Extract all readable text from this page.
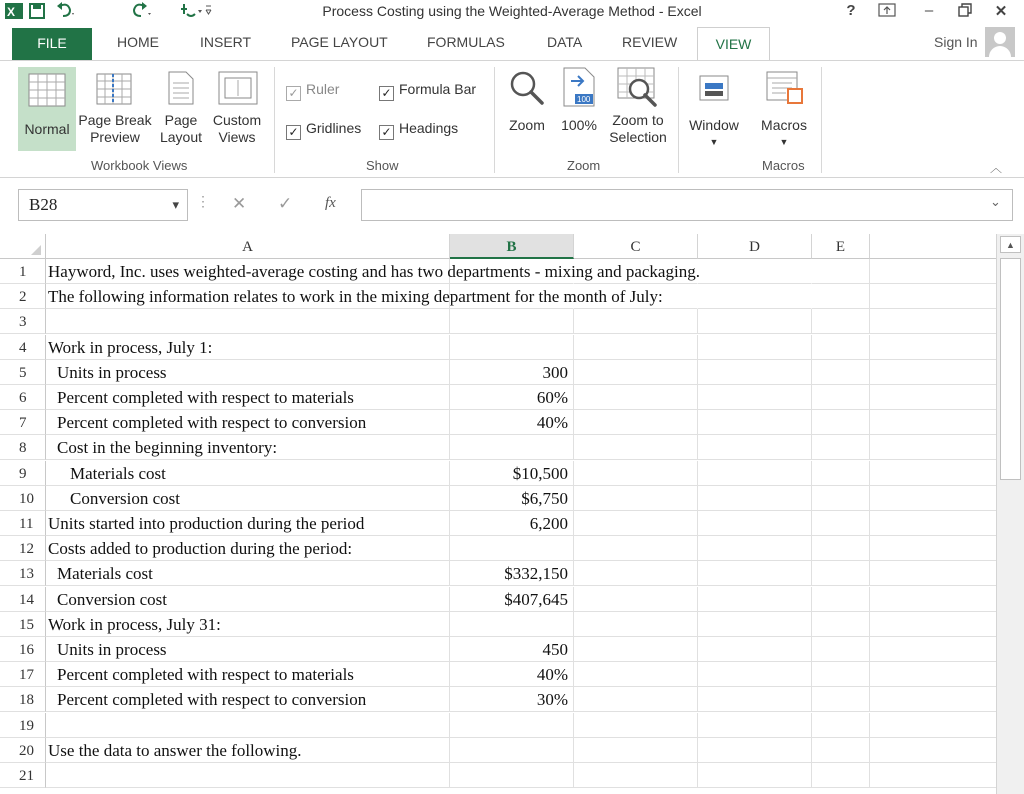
X	Process Costing using the Weighted-Average Method - Excel	?	–	✕
FILE	HOME	INSERT	PAGE LAYOUT	FORMULAS	DATA	REVIEW	VIEW	Sign In
Normal
Page Break
Preview
Page
Layout
Custom
Views
Workbook Views
✓ Ruler	✓ Formula Bar
✓ Gridlines ✓ Headings
Show
Zoom
100
100%	Zoom to
Selection
Zoom
Window
▼
Macros
▼
Macros	︿
B28	▾ ⋮ ✕ ✓ fx	⌄
A	B	C	D	E
1	Hayword, Inc. uses weighted-average costing and has two departments - mixing and packaging.
2	The following information relates to work in the mixing department for the month of July:
3
4	Work in process, July 1:
5	Units in process	300
6	Percent completed with respect to materials	60%
7	Percent completed with respect to conversion	40%
8	Cost in the beginning inventory:
9	Materials cost	$10,500
10	Conversion cost	$6,750
11 Units started into production during the period	6,200
12 Costs added to production during the period:
13	Materials cost	$332,150
14	Conversion cost	$407,645
15 Work in process, July 31:
16	Units in process	450
17	Percent completed with respect to materials	40%
18	Percent completed with respect to conversion	30%
19
20 Use the data to answer the following.
21
▲
